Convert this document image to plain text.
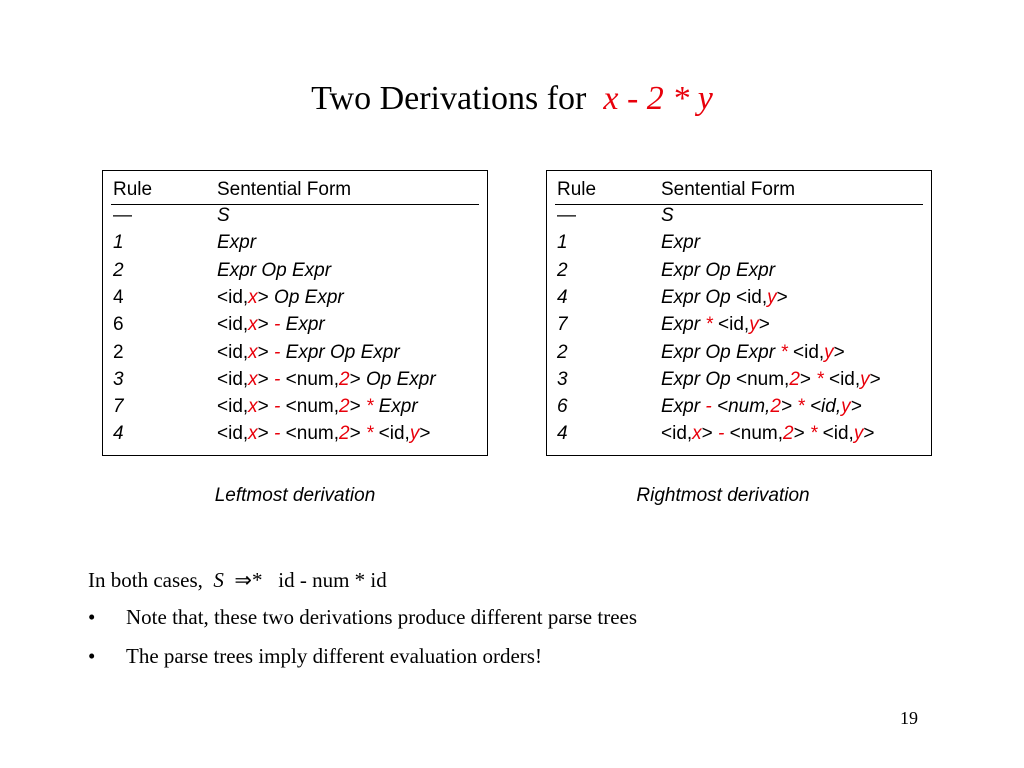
Two Derivations for x - 2 * y
Rule	Sentential Form
—	S
1	Expr
2	Expr Op Expr
4	<id,x> Op Expr
6	<id,x> - Expr
2	<id,x> - Expr Op Expr
3	<id,x> - <num,2> Op Expr
7	<id,x> - <num,2> * Expr
4	<id,x> - <num,2> * <id,y>
Rule	Sentential Form
—	S
1	Expr
2	Expr Op Expr
4	Expr Op <id,y>
7	Expr * <id,y>
2	Expr Op Expr * <id,y>
3	Expr Op <num,2> * <id,y>
6	Expr - <num,2> * <id,y>
4	<id,x> - <num,2> * <id,y>
Leftmost derivation	Rightmost derivation
In both cases, S ⇒* id - num * id
• Note that, these two derivations produce different parse trees
• The parse trees imply different evaluation orders!
19
